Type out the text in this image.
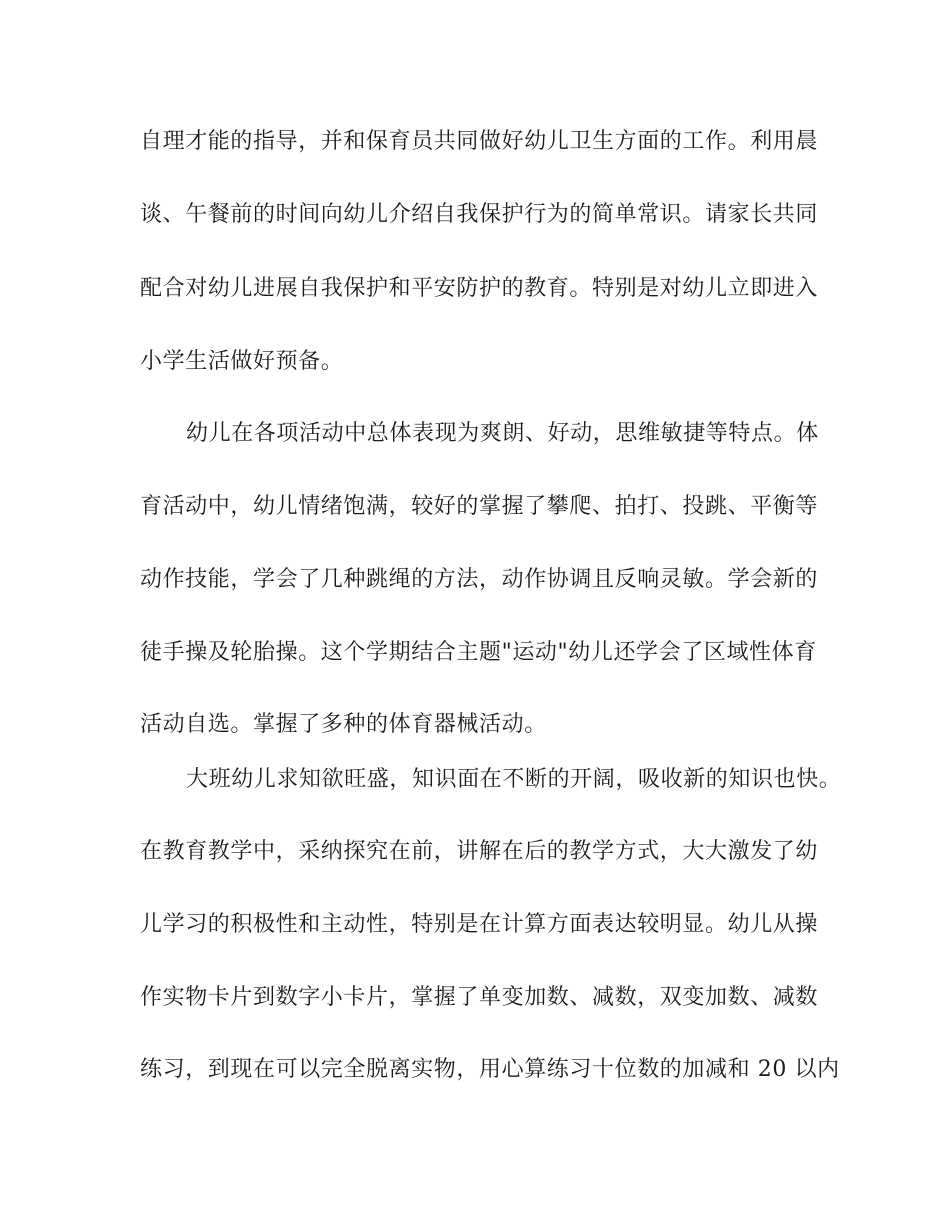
自理才能的指导，并和保育员共同做好幼儿卫生方面的工作。利用晨
谈、午餐前的时间向幼儿介绍自我保护行为的简单常识。请家长共同
配合对幼儿进展自我保护和平安防护的教育。特别是对幼儿立即进入
小学生活做好预备。
幼儿在各项活动中总体表现为爽朗、好动，思维敏捷等特点。体
育活动中，幼儿情绪饱满，较好的掌握了攀爬、拍打、投跳、平衡等
动作技能，学会了几种跳绳的方法，动作协调且反响灵敏。学会新的
徒手操及轮胎操。这个学期结合主题"运动"幼儿还学会了区域性体育
活动自选。掌握了多种的体育器械活动。
大班幼儿求知欲旺盛，知识面在不断的开阔，吸收新的知识也快。
在教育教学中，采纳探究在前，讲解在后的教学方式，大大激发了幼
儿学习的积极性和主动性，特别是在计算方面表达较明显。幼儿从操
作实物卡片到数字小卡片，掌握了单变加数、减数，双变加数、减数
练习，到现在可以完全脱离实物，用心算练习十位数的加减和 20 以内
